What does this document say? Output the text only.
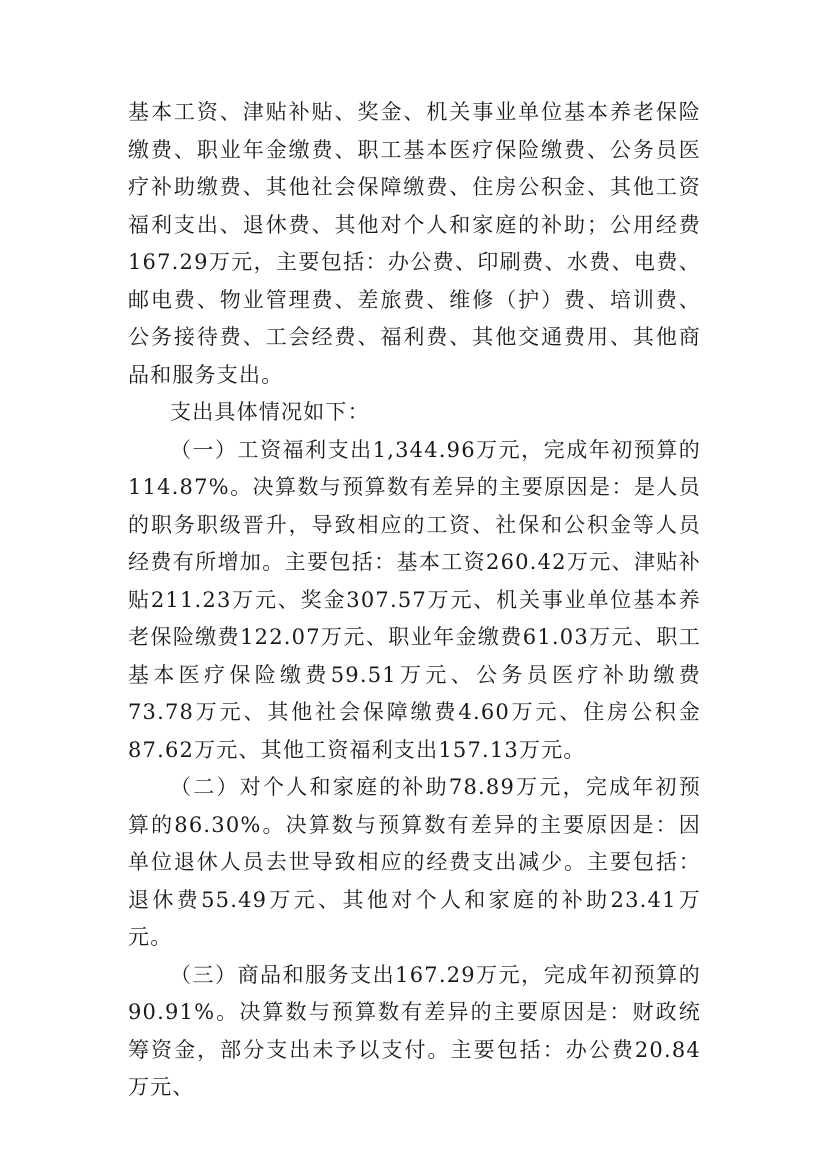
基本工资、津贴补贴、奖金、机关事业单位基本养老保险缴费、职业年金缴费、职工基本医疗保险缴费、公务员医疗补助缴费、其他社会保障缴费、住房公积金、其他工资福利支出、退休费、其他对个人和家庭的补助；公用经费167.29万元，主要包括：办公费、印刷费、水费、电费、邮电费、物业管理费、差旅费、维修（护）费、培训费、公务接待费、工会经费、福利费、其他交通费用、其他商品和服务支出。

支出具体情况如下：

（一）工资福利支出1,344.96万元，完成年初预算的114.87%。决算数与预算数有差异的主要原因是：是人员的职务职级晋升，导致相应的工资、社保和公积金等人员经费有所增加。主要包括：基本工资260.42万元、津贴补贴211.23万元、奖金307.57万元、机关事业单位基本养老保险缴费122.07万元、职业年金缴费61.03万元、职工基本医疗保险缴费59.51万元、公务员医疗补助缴费73.78万元、其他社会保障缴费4.60万元、住房公积金87.62万元、其他工资福利支出157.13万元。

（二）对个人和家庭的补助78.89万元，完成年初预算的86.30%。决算数与预算数有差异的主要原因是：因单位退休人员去世导致相应的经费支出减少。主要包括：退休费55.49万元、其他对个人和家庭的补助23.41万元。

（三）商品和服务支出167.29万元，完成年初预算的90.91%。决算数与预算数有差异的主要原因是：财政统筹资金，部分支出未予以支付。主要包括：办公费20.84万元、
